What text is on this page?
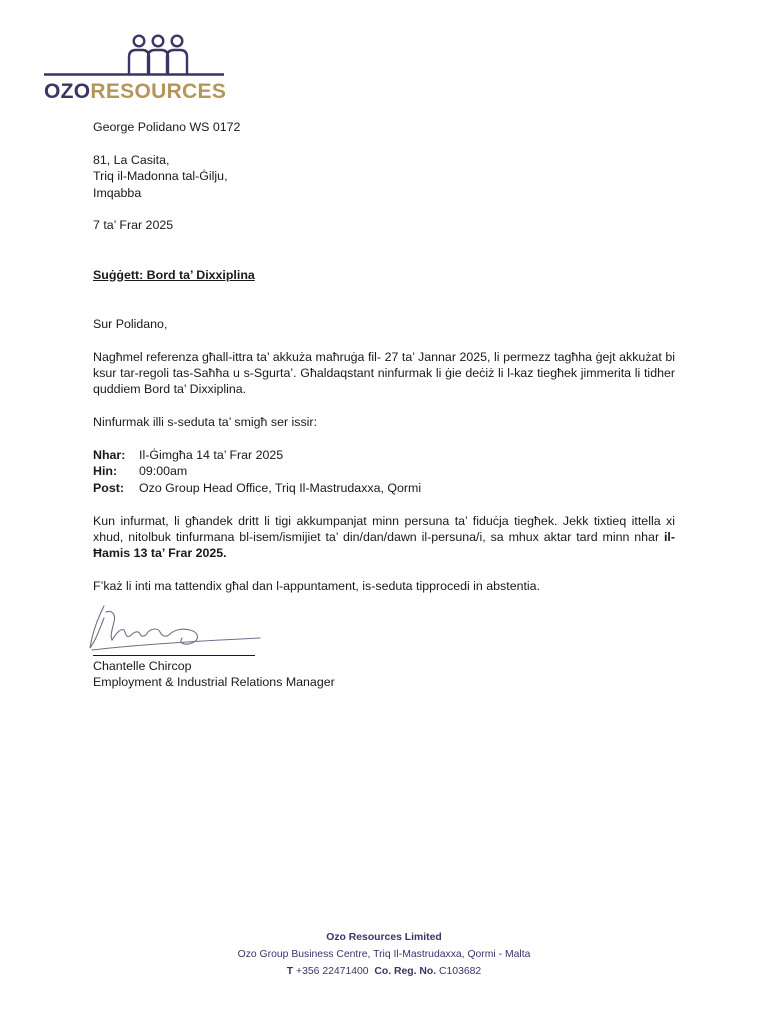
OZORESOURCES

George Polidano WS 0172

81, La Casita,

Triq il-Madonna tal-Ġilju,

Imqabba

7 ta’ Frar 2025

Suġġett: Bord ta’ Dixxiplina

Sur Polidano,

Nagħmel referenza għall-ittra ta’ akkuża maħruġa fil- 27 ta’ Jannar 2025, li permezz tagħha ġejt akkużat bi ksur tar-regoli tas-Saħħa u s-Sgurta’. Għaldaqstant ninfurmak li ġie deċiż li l-kaz tiegħek jimmerita li tidher quddiem Bord ta’ Dixxiplina.

Ninfurmak illi s-seduta ta’ smigħ ser issir:

Nhar:	Il-Ġimgħa 14 ta’ Frar 2025
Hin:	09:00am
Post:	Ozo Group Head Office, Triq Il-Mastrudaxxa, Qormi

Kun infurmat, li għandek dritt li tigi akkumpanjat minn persuna ta’ fiduċja tiegħek. Jekk tixtieq ittella xi xhud, nitolbuk tinfurmana bl-isem/ismijiet ta’ din/dan/dawn il-persuna/i, sa mhux aktar tard minn nhar il-Ħamis 13 ta’ Frar 2025.

F’każ li inti ma tattendix għal dan l-appuntament, is-seduta tipprocedi in abstentia.

Chantelle Chircop

Employment & Industrial Relations Manager

Ozo Resources Limited

Ozo Group Business Centre, Triq Il-Mastrudaxxa, Qormi - Malta

T +356 22471400 Co. Reg. No. C103682
